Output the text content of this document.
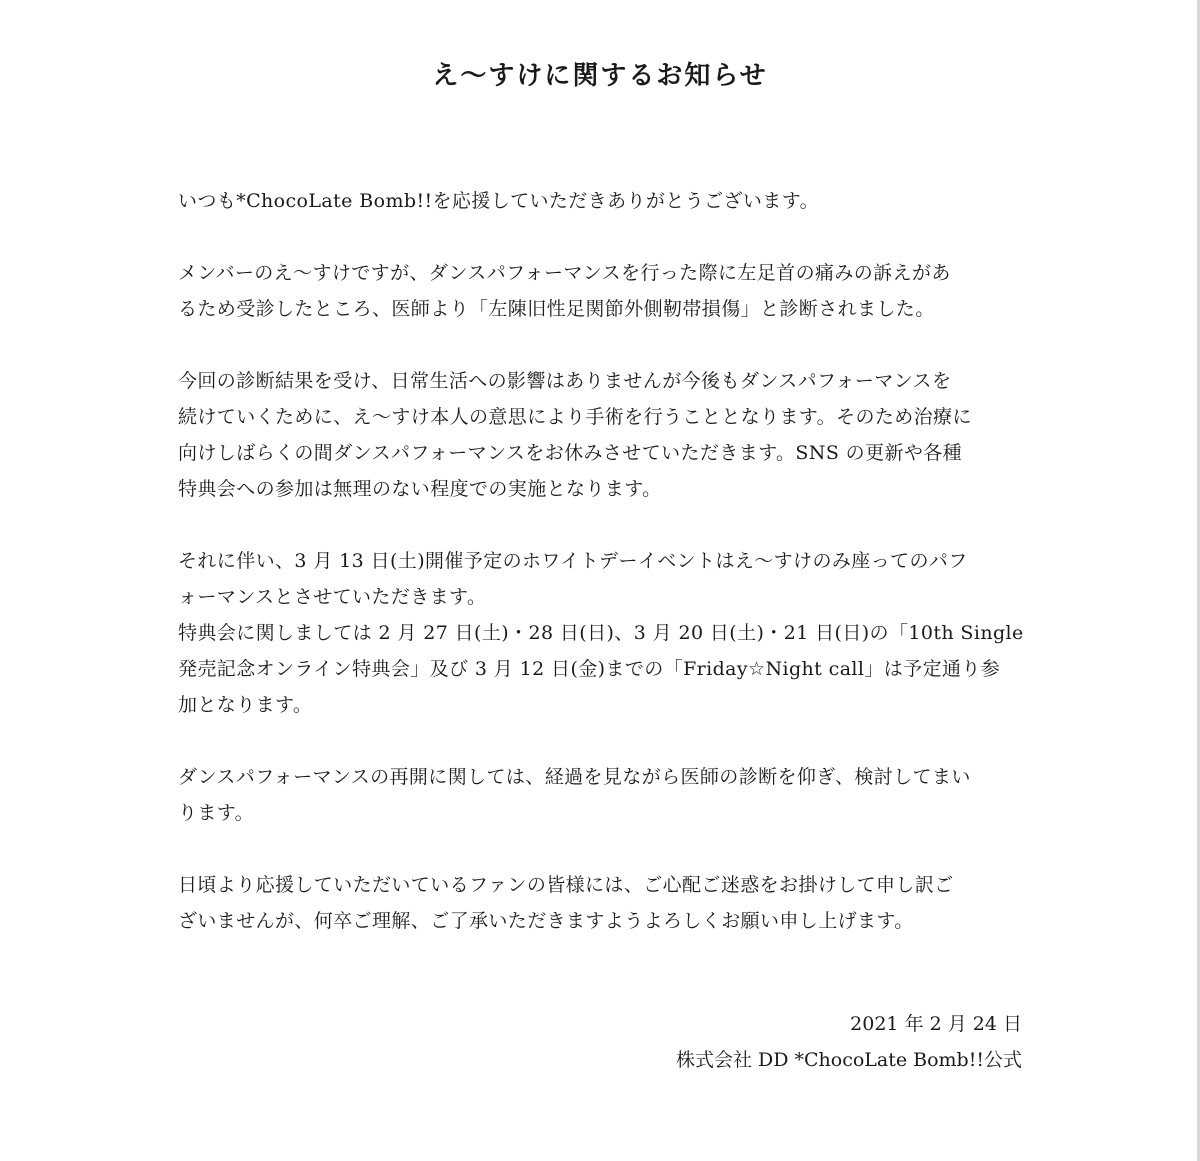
え〜すけに関するお知らせ

いつも*ChocoLate Bomb!!を応援していただきありがとうございます。

メンバーのえ〜すけですが、ダンスパフォーマンスを行った際に左足首の痛みの訴えがあ
るため受診したところ、医師より「左陳旧性足関節外側靭帯損傷」と診断されました。

今回の診断結果を受け、日常生活への影響はありませんが今後もダンスパフォーマンスを
続けていくために、え〜すけ本人の意思により手術を行うこととなります。そのため治療に
向けしばらくの間ダンスパフォーマンスをお休みさせていただきます。SNS の更新や各種
特典会への参加は無理のない程度での実施となります。

それに伴い、3 月 13 日(土)開催予定のホワイトデーイベントはえ〜すけのみ座ってのパフ
ォーマンスとさせていただきます。

特典会に関しましては 2 月 27 日(土)・28 日(日)、3 月 20 日(土)・21 日(日)の「10th Single
発売記念オンライン特典会」及び 3 月 12 日(金)までの「Friday☆Night call」は予定通り参
加となります。

ダンスパフォーマンスの再開に関しては、経過を見ながら医師の診断を仰ぎ、検討してまい
ります。

日頃より応援していただいているファンの皆様には、ご心配ご迷惑をお掛けして申し訳ご
ざいませんが、何卒ご理解、ご了承いただきますようよろしくお願い申し上げます。

2021 年 2 月 24 日
株式会社 DD *ChocoLate Bomb!!公式
